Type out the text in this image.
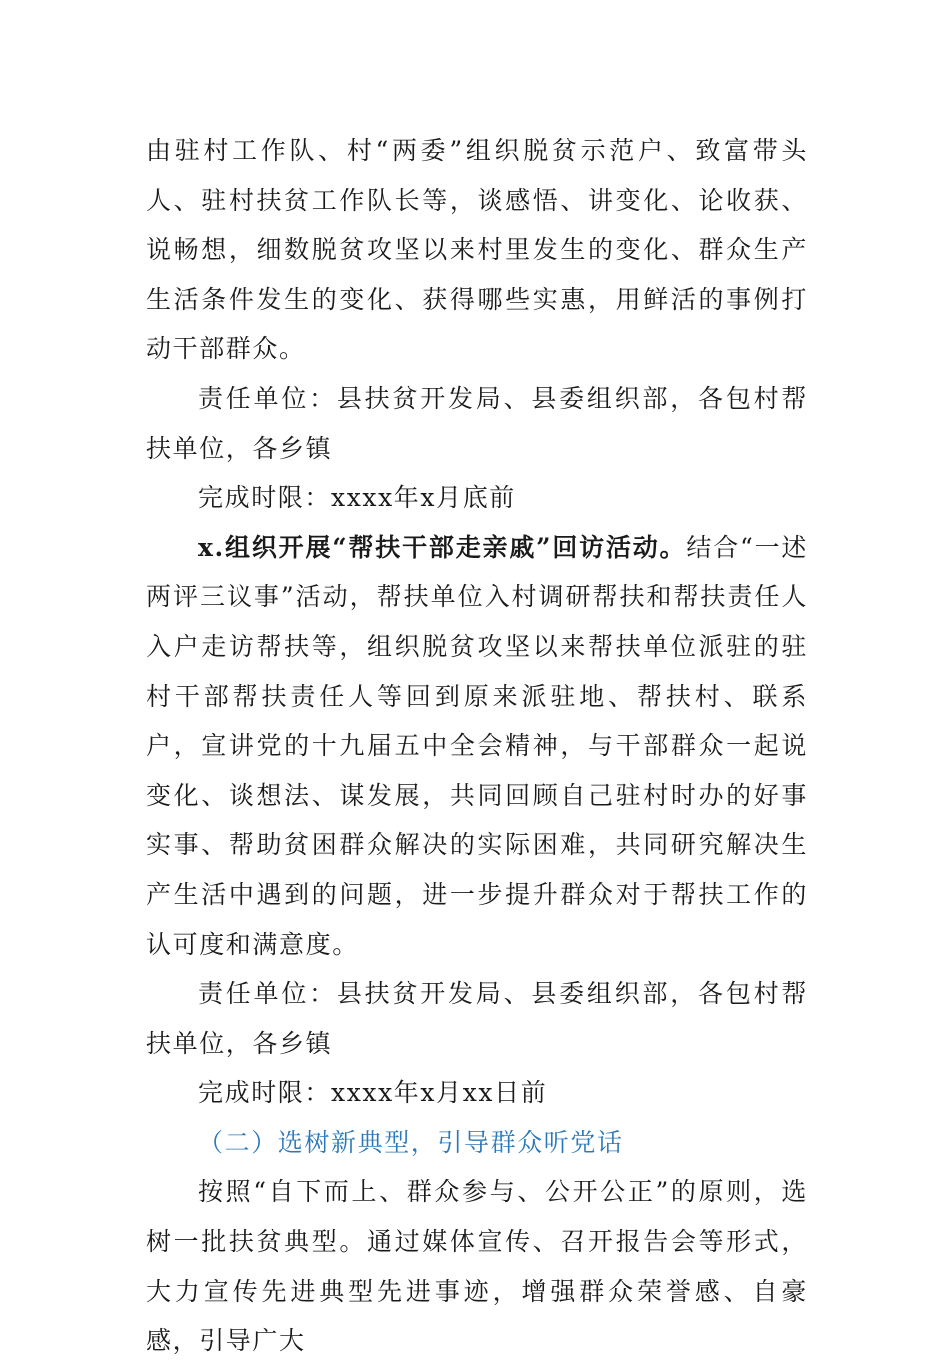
由驻村工作队、村“两委”组织脱贫示范户、致富带头人、驻村扶贫工作队长等，谈感悟、讲变化、论收获、说畅想，细数脱贫攻坚以来村里发生的变化、群众生产生活条件发生的变化、获得哪些实惠，用鲜活的事例打动干部群众。

责任单位：县扶贫开发局、县委组织部，各包村帮扶单位，各乡镇

完成时限：xxxx年x月底前

x.组织开展“帮扶干部走亲戚”回访活动。结合“一述两评三议事”活动，帮扶单位入村调研帮扶和帮扶责任人入户走访帮扶等，组织脱贫攻坚以来帮扶单位派驻的驻村干部帮扶责任人等回到原来派驻地、帮扶村、联系户，宣讲党的十九届五中全会精神，与干部群众一起说变化、谈想法、谋发展，共同回顾自己驻村时办的好事实事、帮助贫困群众解决的实际困难，共同研究解决生产生活中遇到的问题，进一步提升群众对于帮扶工作的认可度和满意度。

责任单位：县扶贫开发局、县委组织部，各包村帮扶单位，各乡镇

完成时限：xxxx年x月xx日前

（二）选树新典型，引导群众听党话

按照“自下而上、群众参与、公开公正”的原则，选树一批扶贫典型。通过媒体宣传、召开报告会等形式，大力宣传先进典型先进事迹，增强群众荣誉感、自豪感，引导广大
